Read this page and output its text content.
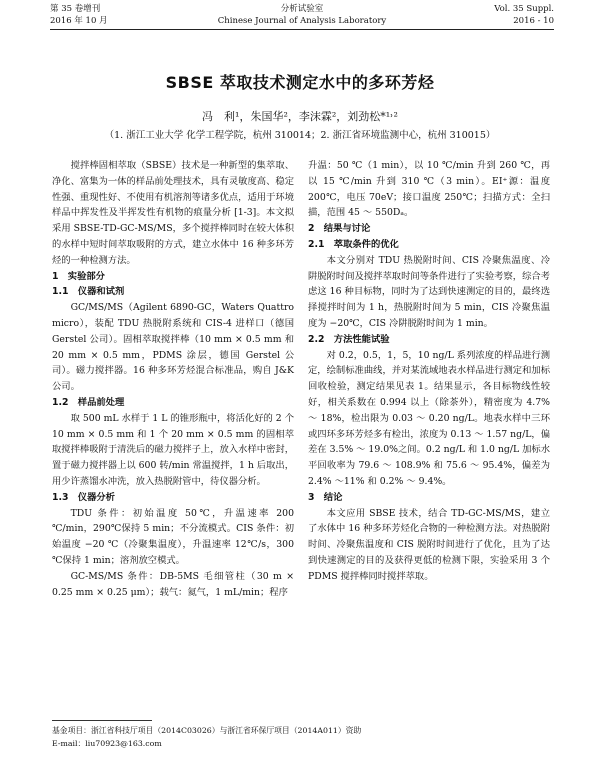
第 35 卷增刊
2016 年 10 月
分析试验室
Chinese Journal of Analysis Laboratory
Vol. 35 Suppl.
2016 - 10
SBSE 萃取技术测定水中的多环芳烃
冯　利¹，朱国华²，李沫霖²，刘劲松*¹˒²
（1. 浙江工业大学 化学工程学院，杭州 310014；2. 浙江省环境监测中心，杭州 310015）

搅拌棒固相萃取（SBSE）技术是一种新型的集萃取、净化、富集为一体的样品前处理技术，具有灵敏度高、稳定性强、重现性好、不使用有机溶剂等诸多优点，适用于环境样品中挥发性及半挥发性有机物的痕量分析 [1-3]。本文拟采用 SBSE-TD-GC-MS/MS，多个搅拌棒同时在较大体积的水样中短时间萃取吸附的方式，建立水体中 16 种多环芳烃的一种检测方法。

1　实验部分
1.1　仪器和试剂

GC/MS/MS（Agilent 6890-GC，Waters Quattro micro），装配 TDU 热脱附系统和 CIS-4 进样口（德国 Gerstel 公司）。固相萃取搅拌棒（10 mm × 0.5 mm 和 20 mm × 0.5 mm，PDMS 涂层，德国 Gerstel 公司）。磁力搅拌器。16 种多环芳烃混合标准品，购自 J&K 公司。

1.2　样品前处理

取 500 mL 水样于 1 L 的锥形瓶中，将活化好的 2 个 10 mm × 0.5 mm 和 1 个 20 mm × 0.5 mm 的固相萃取搅拌棒吸附于清洗后的磁力搅拌子上，放入水样中密封，置于磁力搅拌器上以 600 转/min 常温搅拌，1 h 后取出，用少许蒸馏水冲洗，放入热脱附管中，待仪器分析。

1.3　仪器分析

TDU 条件：初始温度 50℃，升温速率 200 ℃/min，290℃保持 5 min；不分流模式。CIS 条件：初始温度 −20 ℃（冷聚集温度），升温速率 12℃/s，300 ℃保持 1 min；溶剂放空模式。

GC-MS/MS 条件：DB-5MS 毛细管柱（30 m × 0.25 mm × 0.25 μm）；载气：氦气，1 mL/min；程序

升温：50 ℃（1 min），以 10 ℃/min 升到 260 ℃，再以 15 ℃/min 升到 310 ℃（3 min）。EI⁺源：温度 200℃，电压 70eV；接口温度 250℃；扫描方式：全扫描，范围 45 ～ 550Dₐ。

2　结果与讨论
2.1　萃取条件的优化

本文分别对 TDU 热脱附时间、CIS 冷聚焦温度、冷阱脱附时间及搅拌萃取时间等条件进行了实验考察，综合考虑这 16 种目标物，同时为了达到快速测定的目的，最终选择搅拌时间为 1 h，热脱附时间为 5 min，CIS 冷聚焦温度为 −20℃，CIS 冷阱脱附时间为 1 min。

2.2　方法性能试验

对 0.2，0.5，1，5，10 ng/L 系列浓度的样品进行测定，绘制标准曲线，并对某流域地表水样品进行测定和加标回收检验，测定结果见表 1。结果显示，各目标物线性较好，相关系数在 0.994 以上（除茶外），精密度为 4.7% ～ 18%，检出限为 0.03 ～ 0.20 ng/L。地表水样中三环或四环多环芳烃多有检出，浓度为 0.13 ～ 1.57 ng/L，偏差在 3.5% ～ 19.0%之间。0.2 ng/L 和 1.0 ng/L 加标水平回收率为 79.6 ～ 108.9% 和 75.6 ～ 95.4%，偏差为 2.4% ～11% 和 0.2% ～ 9.4%。

3　结论

本文应用 SBSE 技术，结合 TD-GC-MS/MS，建立了水体中 16 种多环芳烃化合物的一种检测方法。对热脱附时间、冷聚焦温度和 CIS 脱附时间进行了优化，且为了达到快速测定的目的及获得更低的检测下限，实验采用 3 个 PDMS 搅拌棒同时搅拌萃取。

基金项目：浙江省科技厅项目（2014C03026）与浙江省环保厅项目（2014A011）资助
E-mail：liu70923@163.com
